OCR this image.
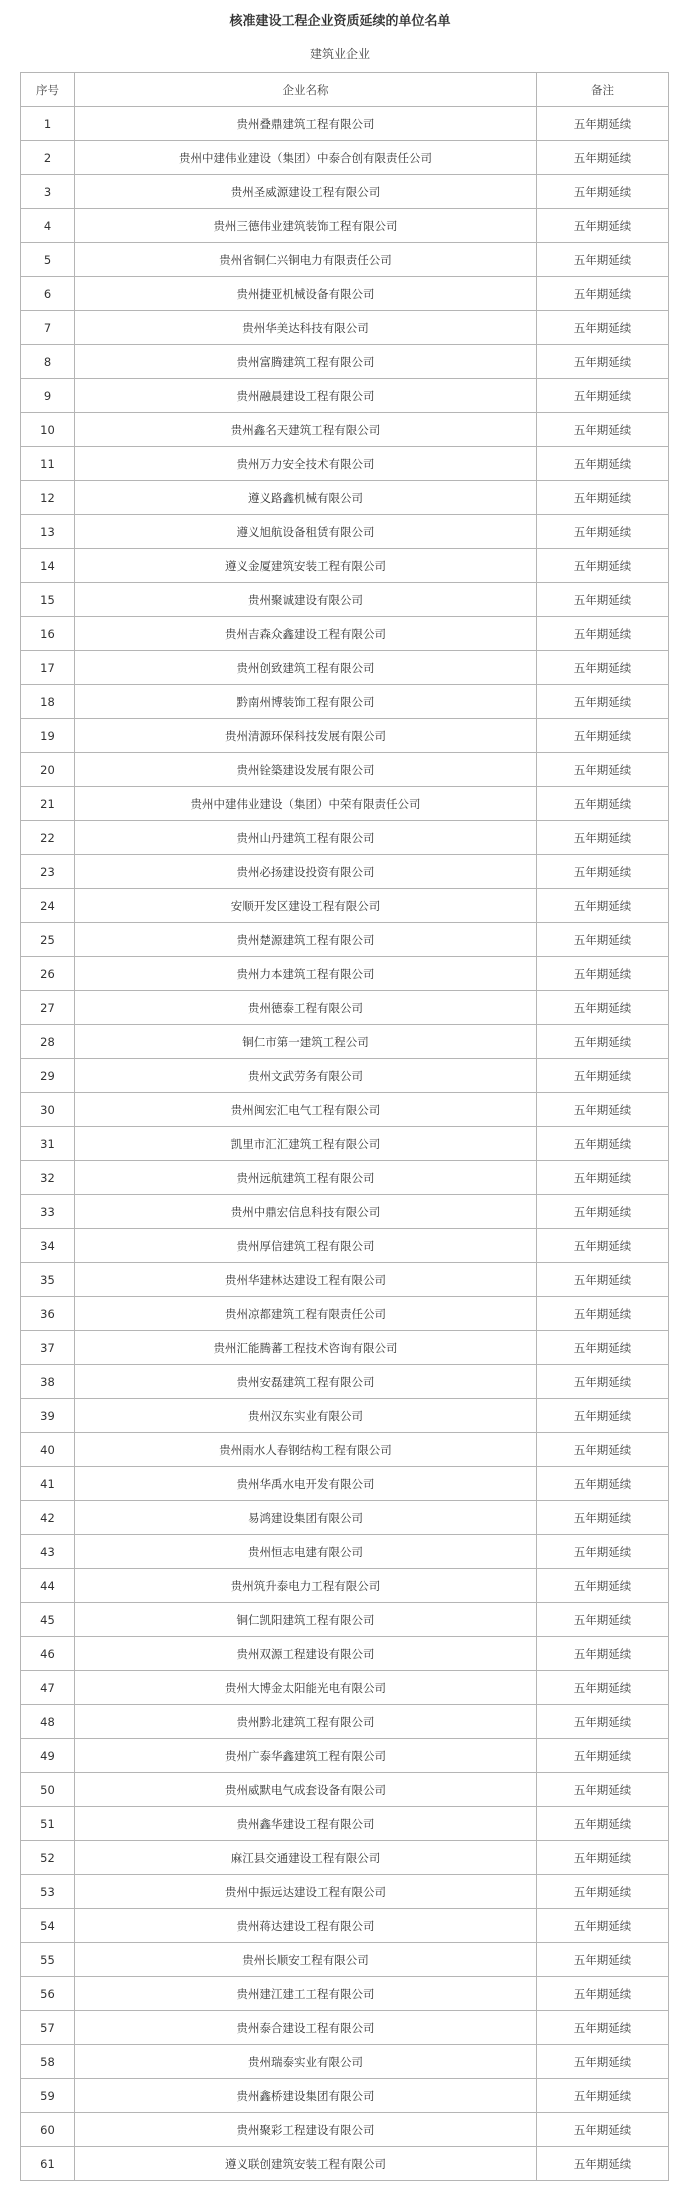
核准建设工程企业资质延续的单位名单
建筑业企业
序号	企业名称	备注
1	贵州叠鼎建筑工程有限公司	五年期延续
2	贵州中建伟业建设（集团）中泰合创有限责任公司	五年期延续
3	贵州圣威源建设工程有限公司	五年期延续
4	贵州三德伟业建筑装饰工程有限公司	五年期延续
5	贵州省铜仁兴铜电力有限责任公司	五年期延续
6	贵州捷亚机械设备有限公司	五年期延续
7	贵州华美达科技有限公司	五年期延续
8	贵州富腾建筑工程有限公司	五年期延续
9	贵州融晨建设工程有限公司	五年期延续
10	贵州鑫名天建筑工程有限公司	五年期延续
11	贵州万力安全技术有限公司	五年期延续
12	遵义路鑫机械有限公司	五年期延续
13	遵义旭航设备租赁有限公司	五年期延续
14	遵义金厦建筑安装工程有限公司	五年期延续
15	贵州聚诚建设有限公司	五年期延续
16	贵州吉森众鑫建设工程有限公司	五年期延续
17	贵州创致建筑工程有限公司	五年期延续
18	黔南州博装饰工程有限公司	五年期延续
19	贵州清源环保科技发展有限公司	五年期延续
20	贵州铨築建设发展有限公司	五年期延续
21	贵州中建伟业建设（集团）中荣有限责任公司	五年期延续
22	贵州山丹建筑工程有限公司	五年期延续
23	贵州必扬建设投资有限公司	五年期延续
24	安顺开发区建设工程有限公司	五年期延续
25	贵州楚源建筑工程有限公司	五年期延续
26	贵州力本建筑工程有限公司	五年期延续
27	贵州德泰工程有限公司	五年期延续
28	铜仁市第一建筑工程公司	五年期延续
29	贵州文武劳务有限公司	五年期延续
30	贵州闽宏汇电气工程有限公司	五年期延续
31	凯里市汇汇建筑工程有限公司	五年期延续
32	贵州远航建筑工程有限公司	五年期延续
33	贵州中鼎宏信息科技有限公司	五年期延续
34	贵州厚信建筑工程有限公司	五年期延续
35	贵州华建林达建设工程有限公司	五年期延续
36	贵州凉都建筑工程有限责任公司	五年期延续
37	贵州汇能腾蕃工程技术咨询有限公司	五年期延续
38	贵州安磊建筑工程有限公司	五年期延续
39	贵州汉东实业有限公司	五年期延续
40	贵州雨水人春钢结构工程有限公司	五年期延续
41	贵州华禹水电开发有限公司	五年期延续
42	易鸿建设集团有限公司	五年期延续
43	贵州恒志电建有限公司	五年期延续
44	贵州筑升泰电力工程有限公司	五年期延续
45	铜仁凯阳建筑工程有限公司	五年期延续
46	贵州双源工程建设有限公司	五年期延续
47	贵州大博金太阳能光电有限公司	五年期延续
48	贵州黔北建筑工程有限公司	五年期延续
49	贵州广泰华鑫建筑工程有限公司	五年期延续
50	贵州威默电气成套设备有限公司	五年期延续
51	贵州鑫华建设工程有限公司	五年期延续
52	麻江县交通建设工程有限公司	五年期延续
53	贵州中振远达建设工程有限公司	五年期延续
54	贵州蒋达建设工程有限公司	五年期延续
55	贵州长顺安工程有限公司	五年期延续
56	贵州建江建工工程有限公司	五年期延续
57	贵州泰合建设工程有限公司	五年期延续
58	贵州瑞泰实业有限公司	五年期延续
59	贵州鑫桥建设集团有限公司	五年期延续
60	贵州聚彩工程建设有限公司	五年期延续
61	遵义联创建筑安装工程有限公司	五年期延续
